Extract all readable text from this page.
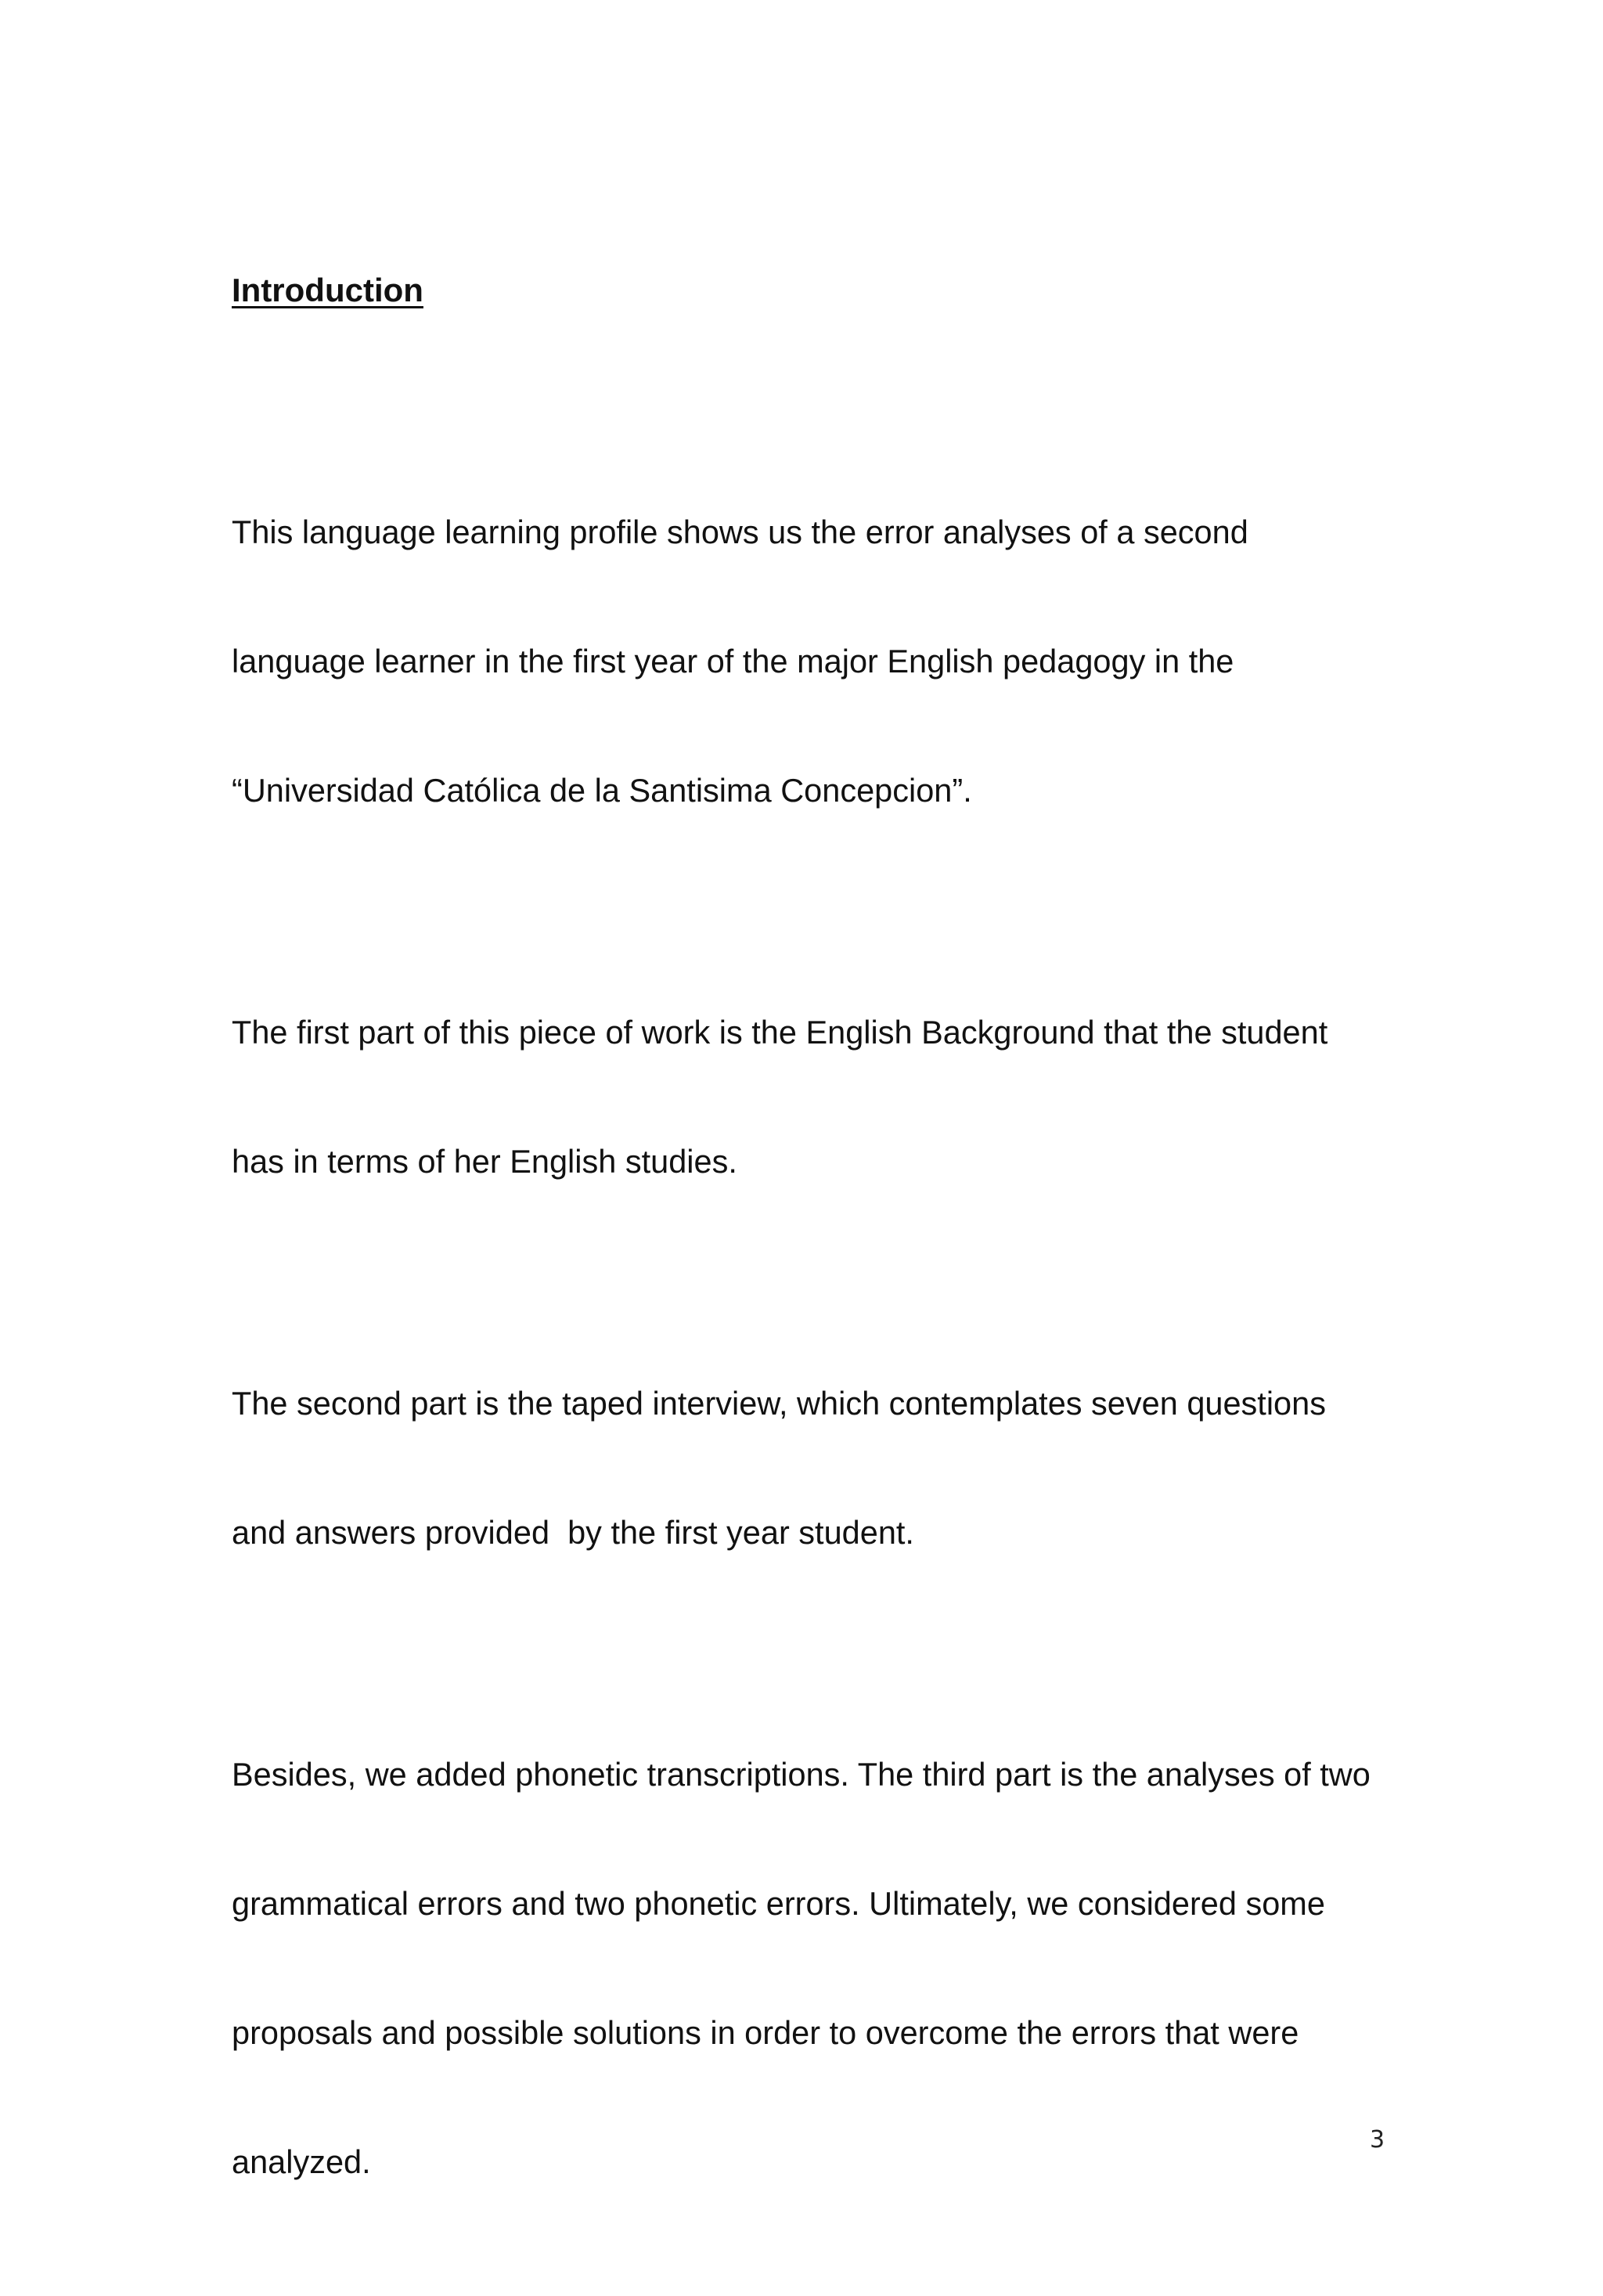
Introduction

This language learning profile shows us the error analyses of a second

language learner in the first year of the major English pedagogy in the

“Universidad Católica de la Santisima Concepcion”.

The first part of this piece of work is the English Background that the student

has in terms of her English studies.

The second part is the taped interview, which contemplates seven questions

and answers provided  by the first year student.

Besides, we added phonetic transcriptions. The third part is the analyses of two

grammatical errors and two phonetic errors. Ultimately, we considered some

proposals and possible solutions in order to overcome the errors that were

analyzed.

3
